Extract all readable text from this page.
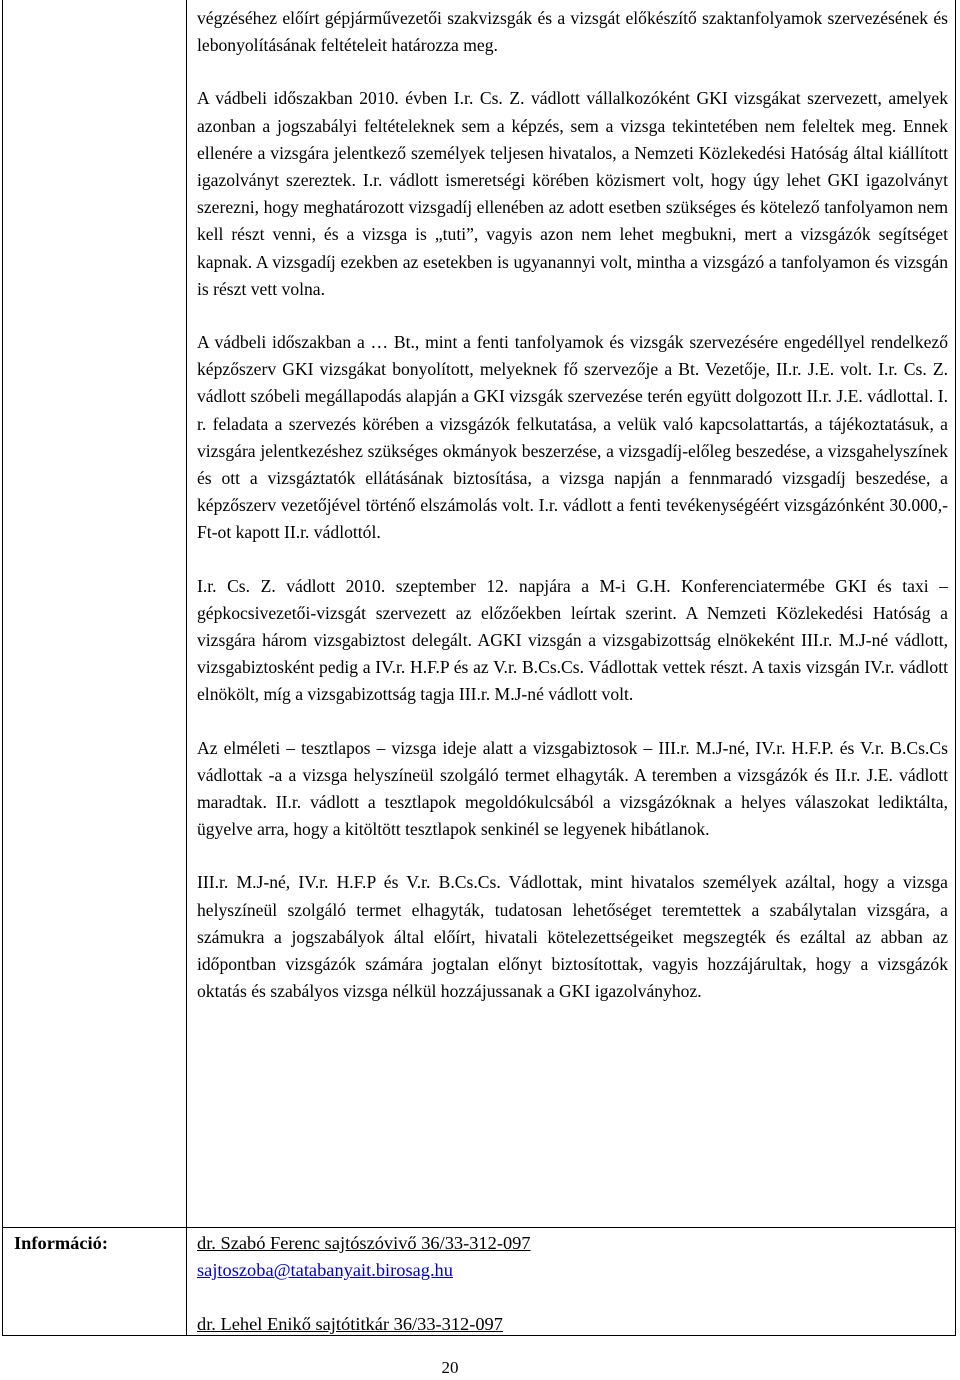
végzéséhez előírt gépjárművezetői szakvizsgák és a vizsgát előkészítő szaktanfolyamok szervezésének és lebonyolításának feltételeit határozza meg.

A vádbeli időszakban 2010. évben I.r. Cs. Z. vádlott vállalkozóként GKI vizsgákat szervezett, amelyek azonban a jogszabályi feltételeknek sem a képzés, sem a vizsga tekintetében nem feleltek meg. Ennek ellenére a vizsgára jelentkező személyek teljesen hivatalos, a Nemzeti Közlekedési Hatóság által kiállított igazolványt szereztek. I.r. vádlott ismeretségi körében közismert volt, hogy úgy lehet GKI igazolványt szerezni, hogy meghatározott vizsgadíj ellenében az adott esetben szükséges és kötelező tanfolyamon nem kell részt venni, és a vizsga is „tuti”, vagyis azon nem lehet megbukni, mert a vizsgázók segítséget kapnak. A vizsgadíj ezekben az esetekben is ugyanannyi volt, mintha a vizsgázó a tanfolyamon és vizsgán is részt vett volna.

A vádbeli időszakban a … Bt., mint a fenti tanfolyamok és vizsgák szervezésére engedéllyel rendelkező képzőszerv GKI vizsgákat bonyolított, melyeknek fő szervezője a Bt. Vezetője, II.r. J.E. volt. I.r. Cs. Z. vádlott szóbeli megállapodás alapján a GKI vizsgák szervezése terén együtt dolgozott II.r. J.E. vádlottal. I. r. feladata a szervezés körében a vizsgázók felkutatása, a velük való kapcsolattartás, a tájékoztatásuk, a vizsgára jelentkezéshez szükséges okmányok beszerzése, a vizsgadíj-előleg beszedése, a vizsgahelyszínek és ott a vizsgáztatók ellátásának biztosítása, a vizsga napján a fennmaradó vizsgadíj beszedése, a képzőszerv vezetőjével történő elszámolás volt. I.r. vádlott a fenti tevékenységéért vizsgázónként 30.000,- Ft-ot kapott II.r. vádlottól.

I.r. Cs. Z. vádlott 2010. szeptember 12. napjára a M-i G.H. Konferenciatermébe GKI és taxi – gépkocsivezetői-vizsgát szervezett az előzőekben leírtak szerint. A Nemzeti Közlekedési Hatóság a vizsgára három vizsgabiztost delegált. AGKI vizsgán a vizsgabizottság elnökeként III.r. M.J-né vádlott, vizsgabiztosként pedig a IV.r. H.F.P és az V.r. B.Cs.Cs. Vádlottak vettek részt. A taxis vizsgán IV.r. vádlott elnökölt, míg a vizsgabizottság tagja III.r. M.J-né vádlott volt.

Az elméleti – tesztlapos – vizsga ideje alatt a vizsgabiztosok – III.r. M.J-né, IV.r. H.F.P. és V.r. B.Cs.Cs vádlottak -a a vizsga helyszíneül szolgáló termet elhagyták. A teremben a vizsgázók és II.r. J.E. vádlott maradtak. II.r. vádlott a tesztlapok megoldókulcsából a vizsgázóknak a helyes válaszokat lediktálta, ügyelve arra, hogy a kitöltött tesztlapok senkinél se legyenek hibátlanok.

III.r. M.J-né, IV.r. H.F.P és V.r. B.Cs.Cs. Vádlottak, mint hivatalos személyek azáltal, hogy a vizsga helyszíneül szolgáló termet elhagyták, tudatosan lehetőséget teremtettek a szabálytalan vizsgára, a számukra a jogszabályok által előírt, hivatali kötelezettségeiket megszegték és ezáltal az abban az időpontban vizsgázók számára jogtalan előnyt biztosítottak, vagyis hozzájárultak, hogy a vizsgázók oktatás és szabályos vizsga nélkül hozzájussanak a GKI igazolványhoz.

Információ:	dr. Szabó Ferenc sajtószóvivő 36/33-312-097
sajtoszoba@tatabanyait.birosag.hu
dr. Lehel Enikő sajtótitkár 36/33-312-097
20
